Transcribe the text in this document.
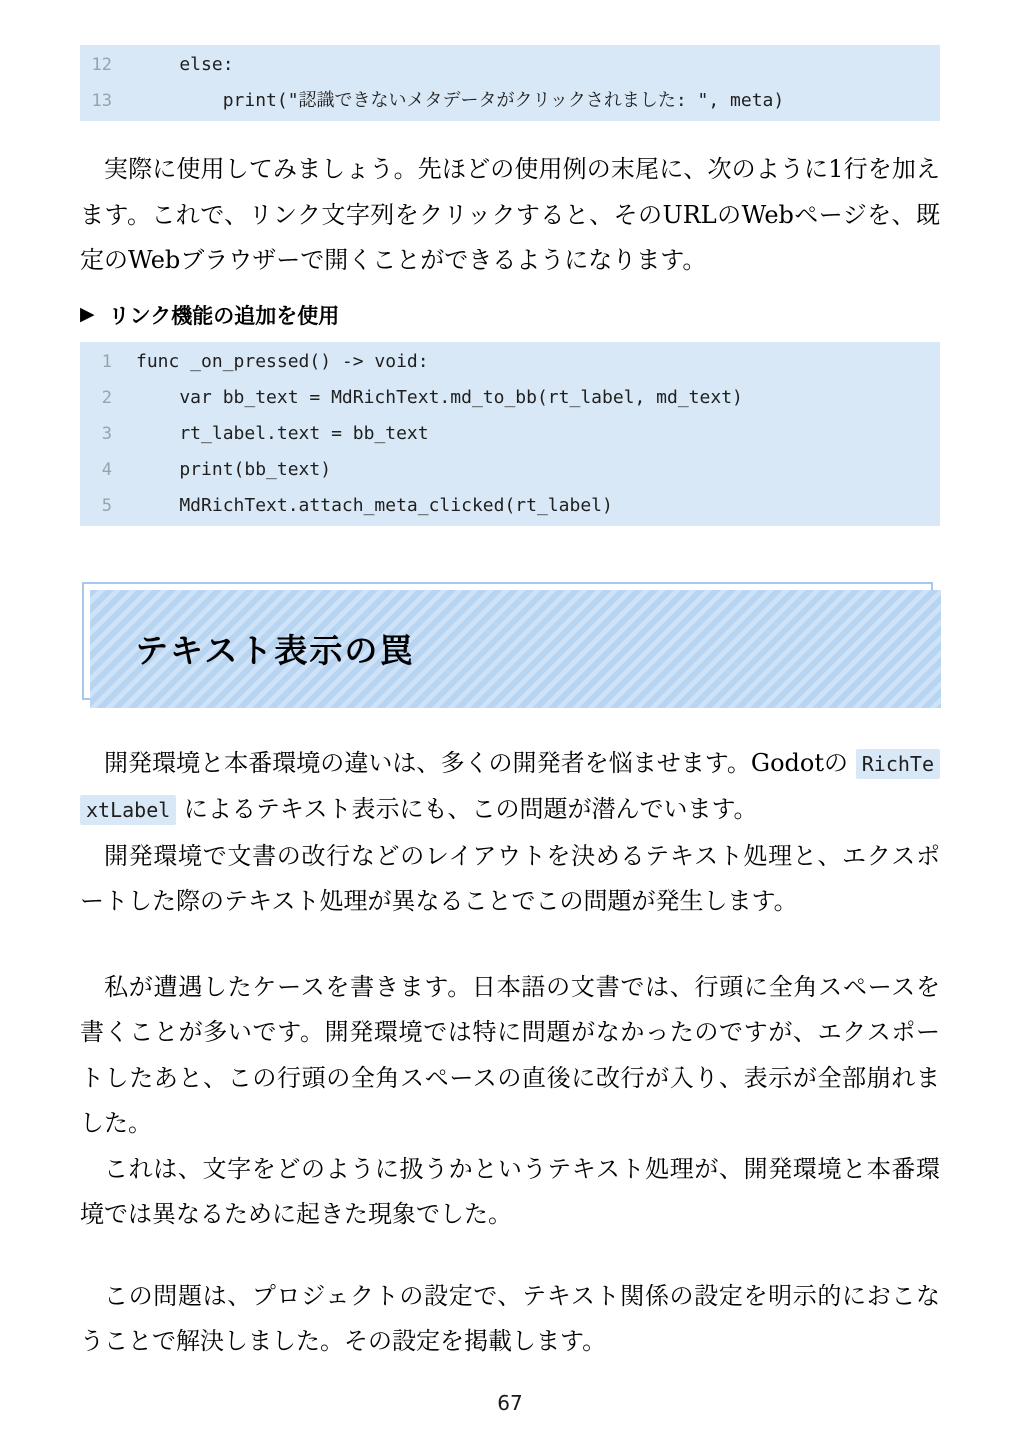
12 else:
13 print("認識できないメタデータがクリックされました: ", meta)
実際に使用してみましょう。先ほどの使用例の末尾に、次のように1行を加え
ます。これで、リンク文字列をクリックすると、そのURLのWebページを、既
定のWebブラウザーで開くことができるようになります。
▶ リンク機能の追加を使用
1 func _on_pressed() -> void:
2 var bb_text = MdRichText.md_to_bb(rt_label, md_text)
3 rt_label.text = bb_text
4 print(bb_text)
5 MdRichText.attach_meta_clicked(rt_label)
テキスト表示の罠
開発環境と本番環境の違いは、多くの開発者を悩ませます。Godotの RichTe
xtLabel によるテキスト表示にも、この問題が潜んでいます。
開発環境で文書の改行などのレイアウトを決めるテキスト処理と、エクスポ
ートした際のテキスト処理が異なることでこの問題が発生します。
私が遭遇したケースを書きます。日本語の文書では、行頭に全角スペースを
書くことが多いです。開発環境では特に問題がなかったのですが、エクスポー
トしたあと、この行頭の全角スペースの直後に改行が入り、表示が全部崩れま
した。
これは、文字をどのように扱うかというテキスト処理が、開発環境と本番環
境では異なるために起きた現象でした。
この問題は、プロジェクトの設定で、テキスト関係の設定を明示的におこな
うことで解決しました。その設定を掲載します。
67
